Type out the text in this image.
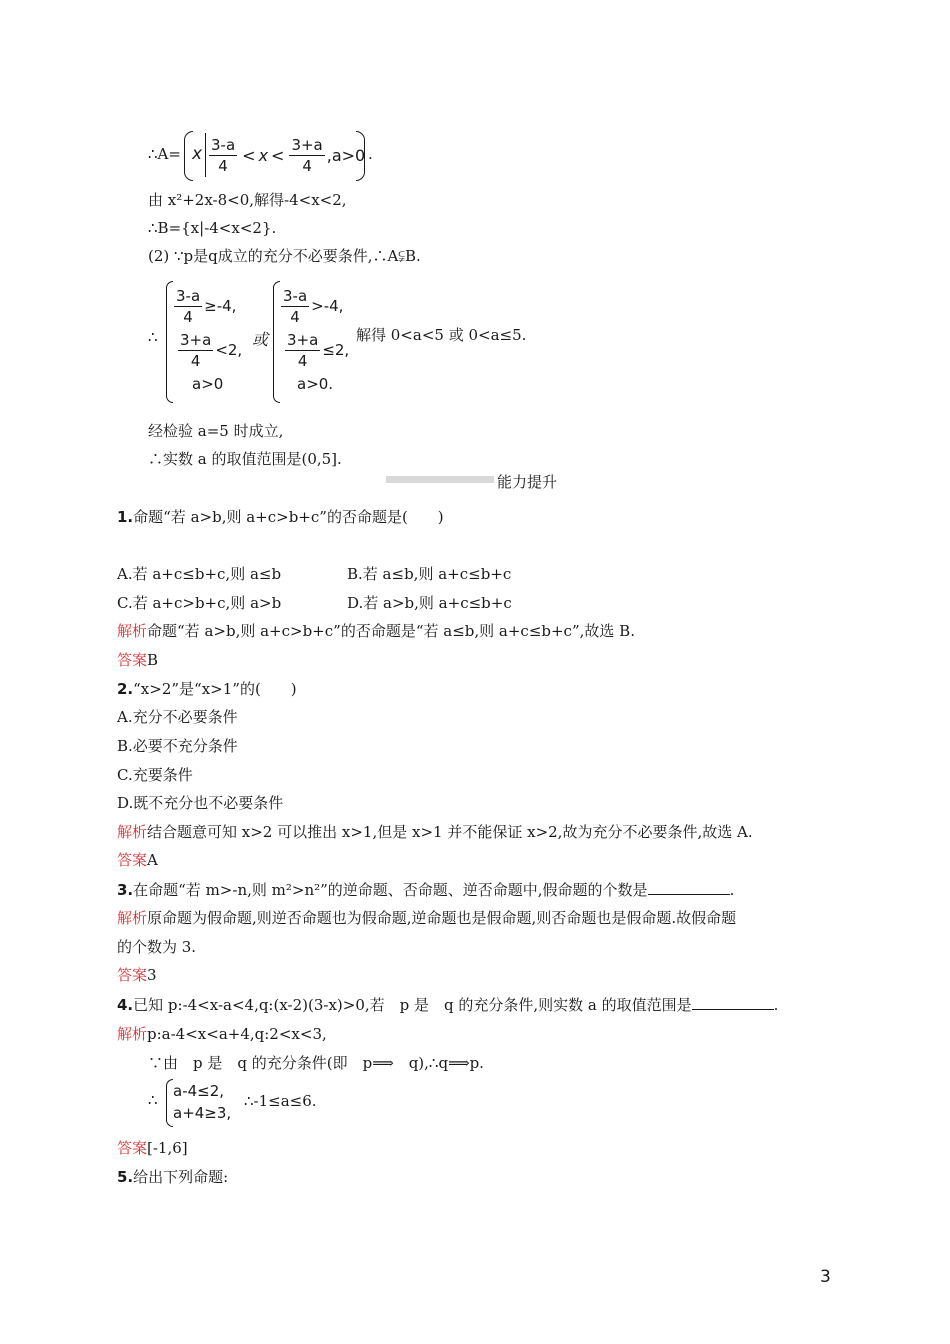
∴A= x $\frac{3-a}{4} < x < \frac{3+a}{4} ,a>0$ .
由 x²+2x-8<0,解得-4<x<2,
∴B={x|-4<x<2}.
(2) ∵p是q成立的充分不必要条件,∴A⫋B.
∴
$\frac{3-a}{4} \ge-4$,
$\frac{3+a}{4} <2$,
a>0
或
$\frac{3-a}{4} >-4$,
$\frac{3+a}{4} \le 2$,
a>0.
解得 0<a<5 或 0<a≤5.
经检验 a=5 时成立,
∴实数 a 的取值范围是(0,5].
能力提升
1.命题“若 a>b,则 a+c>b+c”的否命题是(　　)
A.若 a+c≤b+c,则 a≤b	B.若 a≤b,则 a+c≤b+c
C.若 a+c>b+c,则 a>b	D.若 a>b,则 a+c≤b+c
解析命题“若 a>b,则 a+c>b+c”的否命题是“若 a≤b,则 a+c≤b+c”,故选 B.
答案B
2.“x>2”是“x>1”的(　　)
A.充分不必要条件
B.必要不充分条件
C.充要条件
D.既不充分也不必要条件
解析结合题意可知 x>2 可以推出 x>1,但是 x>1 并不能保证 x>2,故为充分不必要条件,故选 A.
答案A
3.在命题“若 m>-n,则 m²>n²”的逆命题、否命题、逆否命题中,假命题的个数是	.
解析原命题为假命题,则逆否命题也为假命题,逆命题也是假命题,则否命题也是假命题.故假命题
的个数为 3.
答案3
4.已知 p:-4<x-a<4,q:(x-2)(3-x)>0,若　p 是　q 的充分条件,则实数 a 的取值范围是	.
解析p:a-4<x<a+4,q:2<x<3,
∵由　p 是　q 的充分条件(即　p⟹　q),∴q⟹p.
∴ a-4≤2,
a+4≥3,
∴-1≤a≤6.
答案[-1,6]
5.给出下列命题:
3
